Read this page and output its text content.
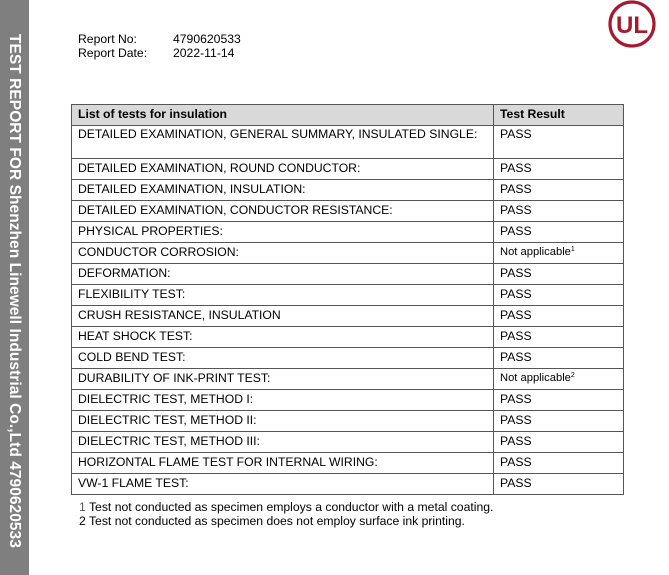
TEST REPORT FOR Shenzhen Linewell Industrial Co.,Ltd 4790620533
UL
Report No:	4790620533
Report Date:	2022-11-14
List of tests for insulation	Test Result
DETAILED EXAMINATION, GENERAL SUMMARY, INSULATED SINGLE:	PASS
DETAILED EXAMINATION, ROUND CONDUCTOR:	PASS
DETAILED EXAMINATION, INSULATION:	PASS
DETAILED EXAMINATION, CONDUCTOR RESISTANCE:	PASS
PHYSICAL PROPERTIES:	PASS
CONDUCTOR CORROSION:	Not applicable$^1$
DEFORMATION:	PASS
FLEXIBILITY TEST:	PASS
CRUSH RESISTANCE, INSULATION	PASS
HEAT SHOCK TEST:	PASS
COLD BEND TEST:	PASS
DURABILITY OF INK-PRINT TEST:	Not applicable$^2$
DIELECTRIC TEST, METHOD I:	PASS
DIELECTRIC TEST, METHOD II:	PASS
DIELECTRIC TEST, METHOD III:	PASS
HORIZONTAL FLAME TEST FOR INTERNAL WIRING:	PASS
VW-1 FLAME TEST:	PASS
1 Test not conducted as specimen employs a conductor with a metal coating.
2 Test not conducted as specimen does not employ surface ink printing.
